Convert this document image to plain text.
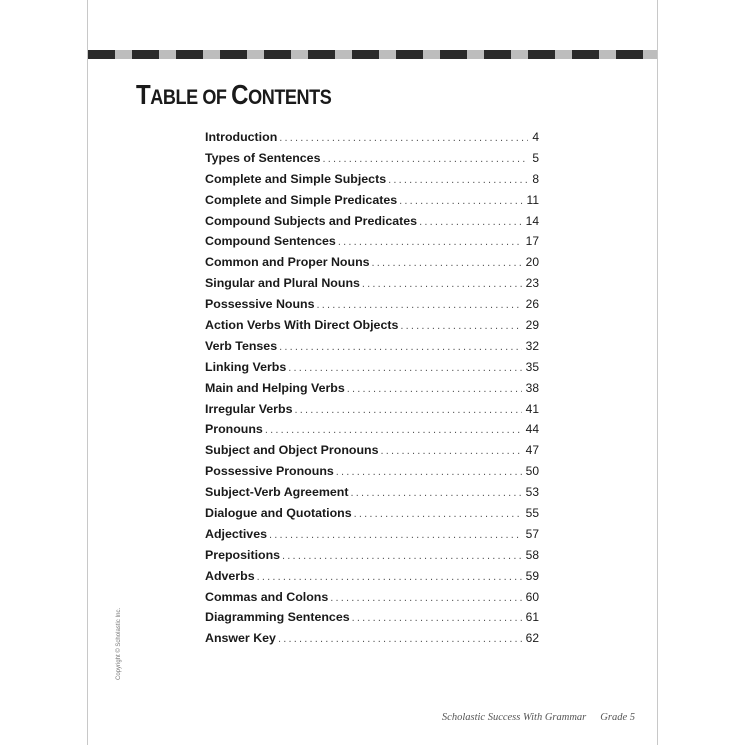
TABLE OF CONTENTS
Introduction .....	4
Types of Sentences .....	5
Complete and Simple Subjects .....	8
Complete and Simple Predicates .....	11
Compound Subjects and Predicates .....	14
Compound Sentences .....	17
Common and Proper Nouns .....	20
Singular and Plural Nouns .....	23
Possessive Nouns .....	26
Action Verbs With Direct Objects .....	29
Verb Tenses .....	32
Linking Verbs .....	35
Main and Helping Verbs .....	38
Irregular Verbs .....	41
Pronouns .....	44
Subject and Object Pronouns .....	47
Possessive Pronouns .....	50
Subject-Verb Agreement .....	53
Dialogue and Quotations .....	55
Adjectives .....	57
Prepositions .....	58
Adverbs .....	59
Commas and Colons .....	60
Diagramming Sentences .....	61
Answer Key .....	62
Copyright © Scholastic Inc.
Scholastic Success With Grammar Grade 5
